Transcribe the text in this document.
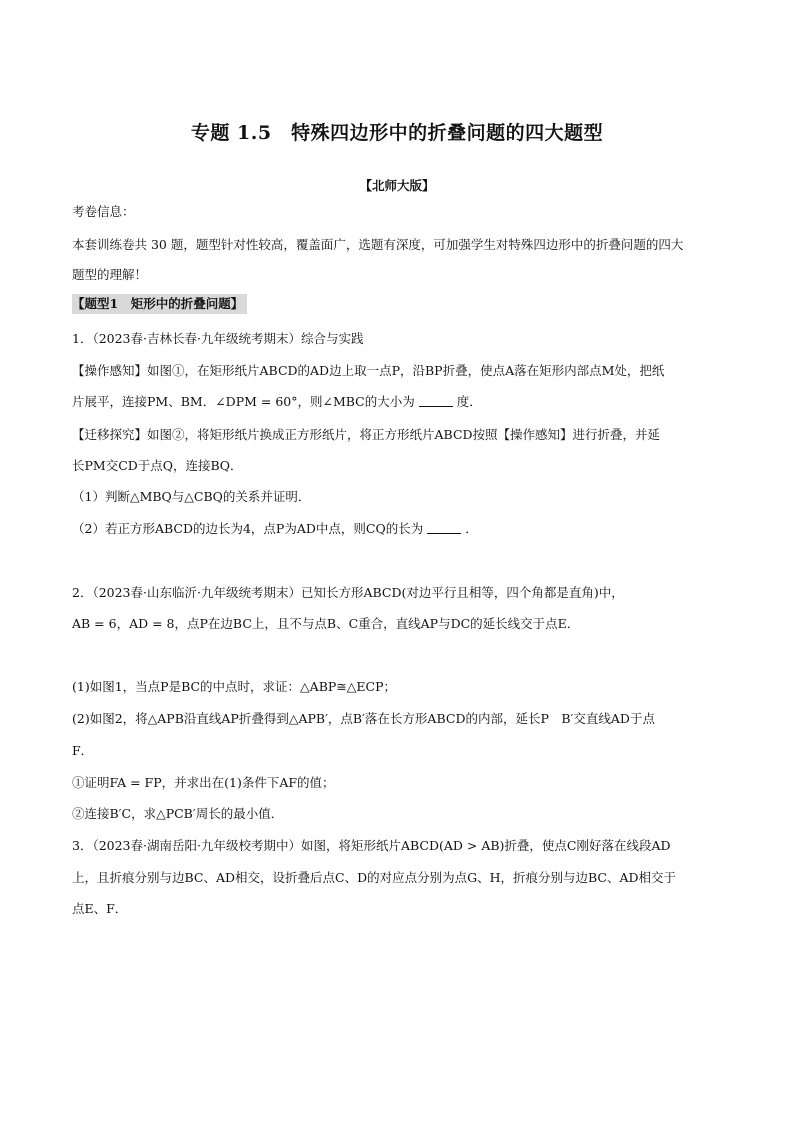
专题 1.5　特殊四边形中的折叠问题的四大题型
【北师大版】
考卷信息：
本套训练卷共 30 题，题型针对性较高，覆盖面广，选题有深度，可加强学生对特殊四边形中的折叠问题的四大
题型的理解！
【题型1　矩形中的折叠问题】
1．（2023春·吉林长春·九年级统考期末）综合与实践
【操作感知】如图①，在矩形纸片ABCD的AD边上取一点P，沿BP折叠，使点A落在矩形内部点M处，把纸
片展平，连接PM、BM．∠DPM = 60°，则∠MBC的大小为	度．
【迁移探究】如图②，将矩形纸片换成正方形纸片，将正方形纸片ABCD按照【操作感知】进行折叠，并延
长PM交CD于点Q，连接BQ．
（1）判断△MBQ与△CBQ的关系并证明．
（2）若正方形ABCD的边长为4，点P为AD中点，则CQ的长为	．
2．（2023春·山东临沂·九年级统考期末）已知长方形ABCD(对边平行且相等，四个角都是直角)中，
AB = 6，AD = 8，点P在边BC上，且不与点B、C重合，直线AP与DC的延长线交于点E．
(1)如图1，当点P是BC的中点时，求证：△ABP≅△ECP；
(2)如图2，将△APB沿直线AP折叠得到△APB′，点B′落在长方形ABCD的内部，延长P　B′交直线AD于点
F．
①证明FA = FP，并求出在(1)条件下AF的值；
②连接B′C，求△PCB′周长的最小值．
3．（2023春·湖南岳阳·九年级校考期中）如图，将矩形纸片ABCD(AD > AB)折叠，使点C刚好落在线段AD
上，且折痕分别与边BC、AD相交，设折叠后点C、D的对应点分别为点G、H，折痕分别与边BC、AD相交于
点E、F．
